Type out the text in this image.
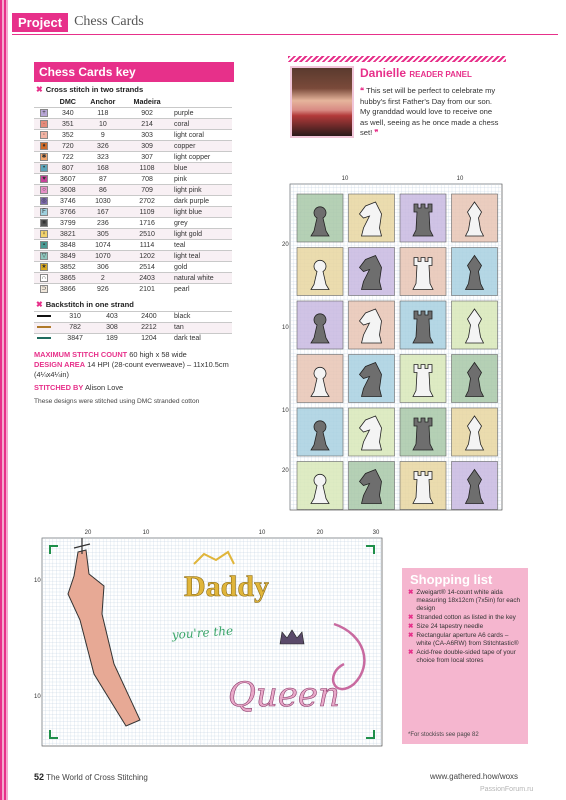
Project Chess Cards
Chess Cards key
✖ Cross stitch in two strands
	DMC	Anchor	Madeira	
+	340	118	902	purple
·	351	10	214	coral
◦	352	9	303	light coral
♦	720	326	309	copper
✱	722	323	307	light copper
•	807	168	1108	blue
♥	3607	87	708	pink
○	3608	86	709	light pink
◎	3746	1030	2702	dark purple
F	3766	167	1109	light blue
■	3799	236	1716	grey
♀	3821	305	2510	light gold
▪	3848	1074	1114	teal
▽	3849	1070	1202	light teal
★	3852	306	2514	gold
∩	3865	2	2403	natural white
⊃	3866	926	2101	pearl
✖ Backstitch in one strand
	310	403	2400	black
	782	308	2212	tan
	3847	189	1204	dark teal
MAXIMUM STITCH COUNT 60 high x 58 wide
DESIGN AREA 14 HPI (28-count evenweave) – 11x10.5cm (4¼x4¼in)
STITCHED BY Alison Love
These designs were stitched using DMC stranded cotton
Danielle READER PANEL
❝ This set will be perfect to celebrate my hubby's first Father's Day from our son. My granddad would love to receive one as well, seeing as he once made a chess set! ❞
10	10
20
10
10
20
Daddy
you're the
Queen
20	10	10	20	30
10
10
Shopping list
✖ Zweigart® 14-count white aida measuring 18x12cm (7x5in) for each design
✖ Stranded cotton as listed in the key
✖ Size 24 tapestry needle
✖ Rectangular aperture A6 cards – white (CA-A6RW) from Stitchtastic®
✖ Acid-free double-sided tape of your choice from local stores
*For stockists see page 82
52 The World of Cross Stitching	www.gathered.how/woxs
PassionForum.ru
